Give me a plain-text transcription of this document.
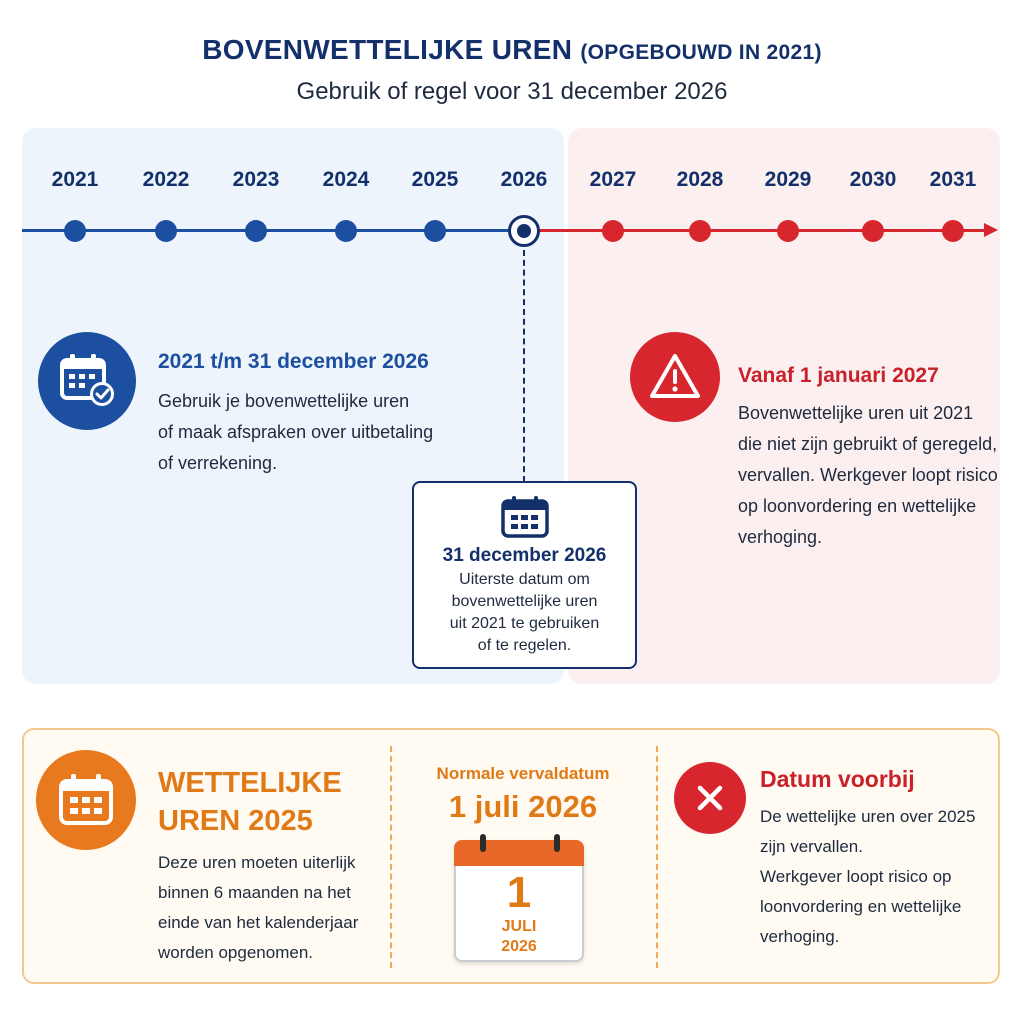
BOVENWETTELIJKE UREN (OPGEBOUWD IN 2021)
Gebruik of regel voor 31 december 2026
2021	2022	2023	2024	2025	2026	2027	2028	2029	2030	2031
2021 t/m 31 december 2026
Gebruik je bovenwettelijke uren
of maak afspraken over uitbetaling
of verrekening.
Vanaf 1 januari 2027
Bovenwettelijke uren uit 2021
die niet zijn gebruikt of geregeld,
vervallen. Werkgever loopt risico
op loonvordering en wettelijke
verhoging.
31 december 2026
Uiterste datum om
bovenwettelijke uren
uit 2021 te gebruiken
of te regelen.
WETTELIJKE
UREN 2025
Deze uren moeten uiterlijk
binnen 6 maanden na het
einde van het kalenderjaar
worden opgenomen.
Normale vervaldatum
1 juli 2026
1
JULI
2026
Datum voorbij
De wettelijke uren over 2025
zijn vervallen.
Werkgever loopt risico op
loonvordering en wettelijke
verhoging.
